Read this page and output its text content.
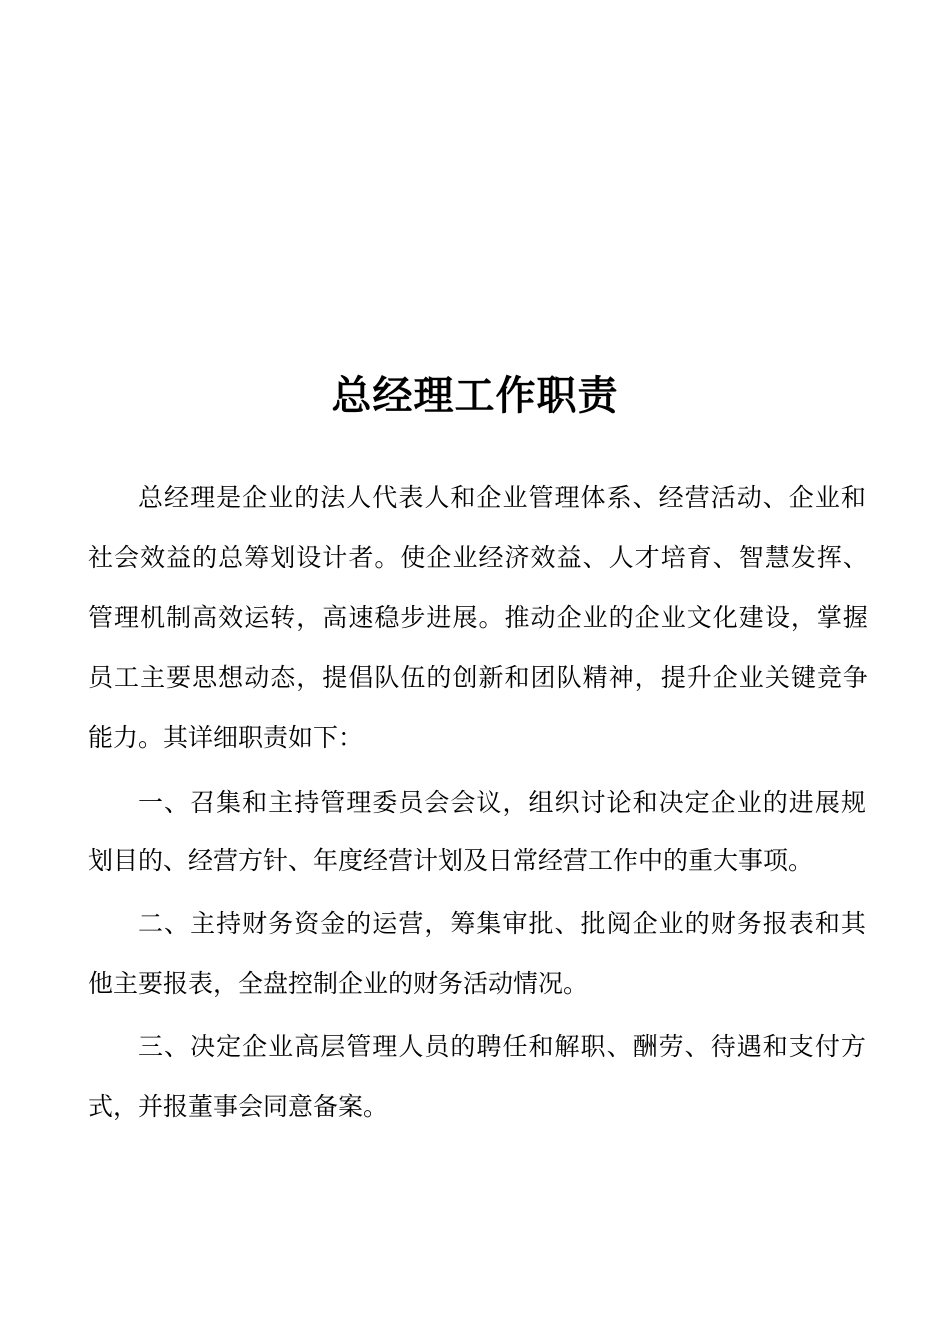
总经理工作职责
总 经 理 是 企 业 的 法 人 代 表 人 和 企 业 管 理 体 系 、 经 营 活 动 、 企 业 和
社 会 效 益 的 总 筹 划 设 计 者 。 使 企 业 经 济 效 益 、 人 才 培 育 、 智 慧 发 挥 、
管 理 机 制 高 效 运 转 ， 高 速 稳 步 进 展 。 推 动 企 业 的 企 业 文 化 建 设 ， 掌 握
员 工 主 要 思 想 动 态 ， 提 倡 队 伍 的 创 新 和 团 队 精 神 ， 提 升 企 业 关 键 竞 争
能力。其详细职责如下：
一 、 召 集 和 主 持 管 理 委 员 会 会 议 ， 组 织 讨 论 和 决 定 企 业 的 进 展 规
划目的、经营方针、年度经营计划及日常经营工作中的重大事项。
二 、 主 持 财 务 资 金 的 运 营 ， 筹 集 审 批 、 批 阅 企 业 的 财 务 报 表 和 其
他主要报表，全盘控制企业的财务活动情况。
三 、 决 定 企 业 高 层 管 理 人 员 的 聘 任 和 解 职 、 酬 劳 、 待 遇 和 支 付 方
式，并报董事会同意备案。
